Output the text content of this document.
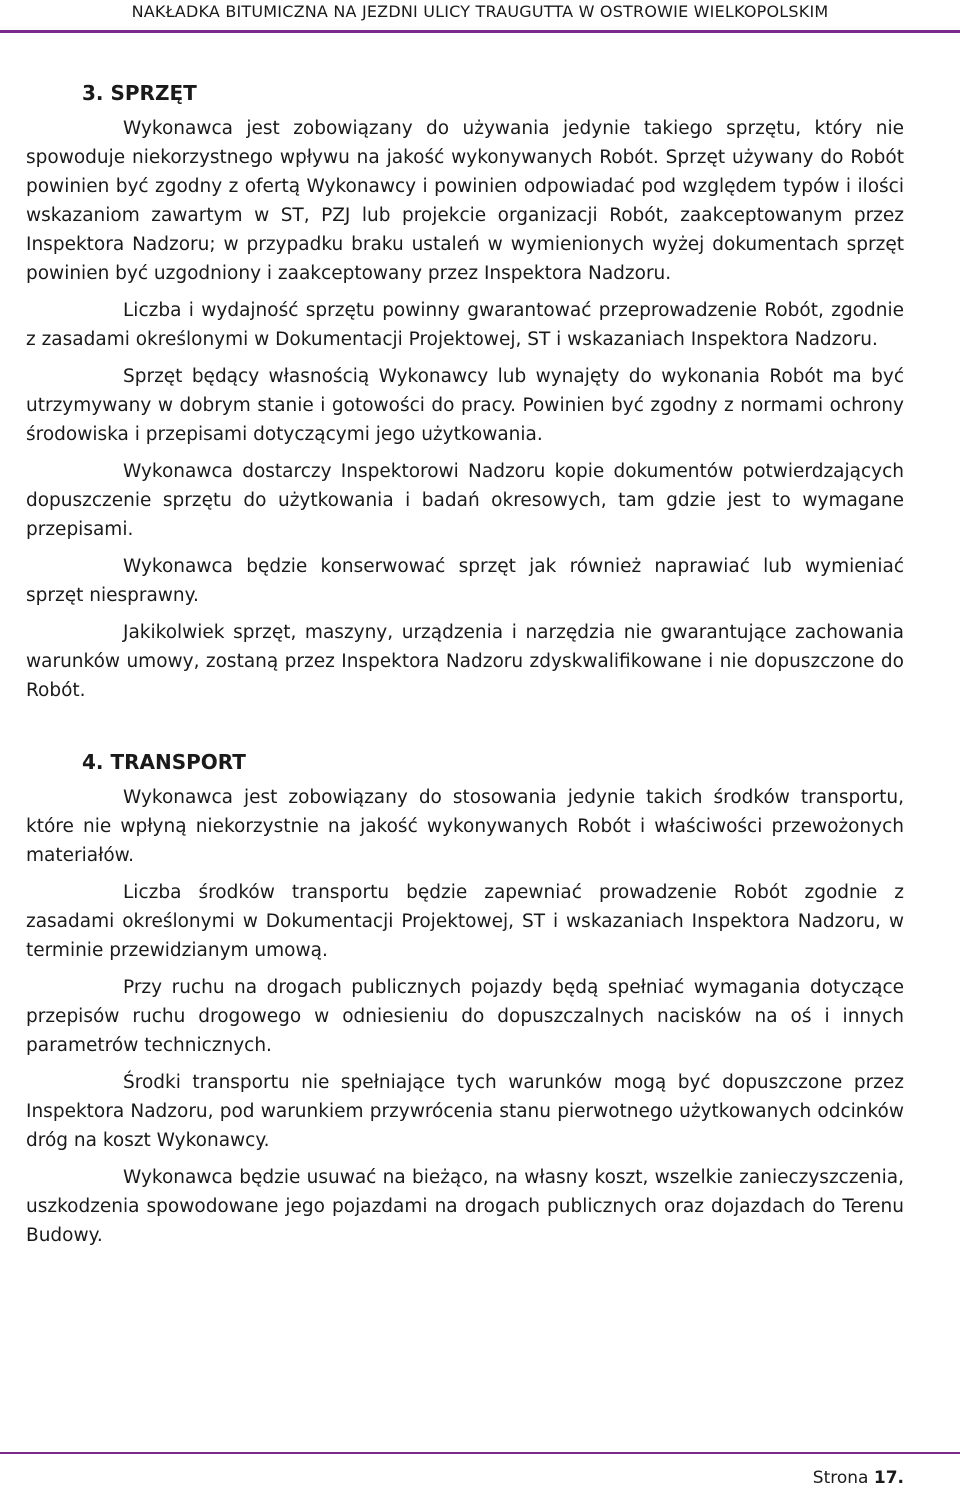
NAKŁADKA BITUMICZNA NA JEZDNI ULICY TRAUGUTTA W OSTROWIE WIELKOPOLSKIM
3. SPRZĘT

Wykonawca jest zobowiązany do używania jedynie takiego sprzętu, który nie spowoduje niekorzystnego wpływu na jakość wykonywanych Robót. Sprzęt używany do Robót powinien być zgodny z ofertą Wykonawcy i powinien odpowiadać pod względem typów i ilości wskazaniom zawartym w ST, PZJ lub projekcie organizacji Robót, zaakceptowanym przez Inspektora Nadzoru; w przypadku braku ustaleń w wymienionych wyżej dokumentach sprzęt powinien być uzgodniony i zaakceptowany przez Inspektora Nadzoru.

Liczba i wydajność sprzętu powinny gwarantować przeprowadzenie Robót, zgodnie z zasadami określonymi w Dokumentacji Projektowej, ST i wskazaniach Inspektora Nadzoru.

Sprzęt będący własnością Wykonawcy lub wynajęty do wykonania Robót ma być utrzymywany w dobrym stanie i gotowości do pracy. Powinien być zgodny z normami ochrony środowiska i przepisami dotyczącymi jego użytkowania.

Wykonawca dostarczy Inspektorowi Nadzoru kopie dokumentów potwierdzających dopuszczenie sprzętu do użytkowania i badań okresowych, tam gdzie jest to wymagane przepisami.

Wykonawca będzie konserwować sprzęt jak również naprawiać lub wymieniać sprzęt niesprawny.

Jakikolwiek sprzęt, maszyny, urządzenia i narzędzia nie gwarantujące zachowania warunków umowy, zostaną przez Inspektora Nadzoru zdyskwalifikowane i nie dopuszczone do Robót.

4. TRANSPORT

Wykonawca jest zobowiązany do stosowania jedynie takich środków transportu, które nie wpłyną niekorzystnie na jakość wykonywanych Robót i właściwości przewożonych materiałów.

Liczba środków transportu będzie zapewniać prowadzenie Robót zgodnie z zasadami określonymi w Dokumentacji Projektowej, ST i wskazaniach Inspektora Nadzoru, w terminie przewidzianym umową.

Przy ruchu na drogach publicznych pojazdy będą spełniać wymagania dotyczące przepisów ruchu drogowego w odniesieniu do dopuszczalnych nacisków na oś i innych parametrów technicznych.

Środki transportu nie spełniające tych warunków mogą być dopuszczone przez Inspektora Nadzoru, pod warunkiem przywrócenia stanu pierwotnego użytkowanych odcinków dróg na koszt Wykonawcy.

Wykonawca będzie usuwać na bieżąco, na własny koszt, wszelkie zanieczyszczenia, uszkodzenia spowodowane jego pojazdami na drogach publicznych oraz dojazdach do Terenu Budowy.

Strona 17.
